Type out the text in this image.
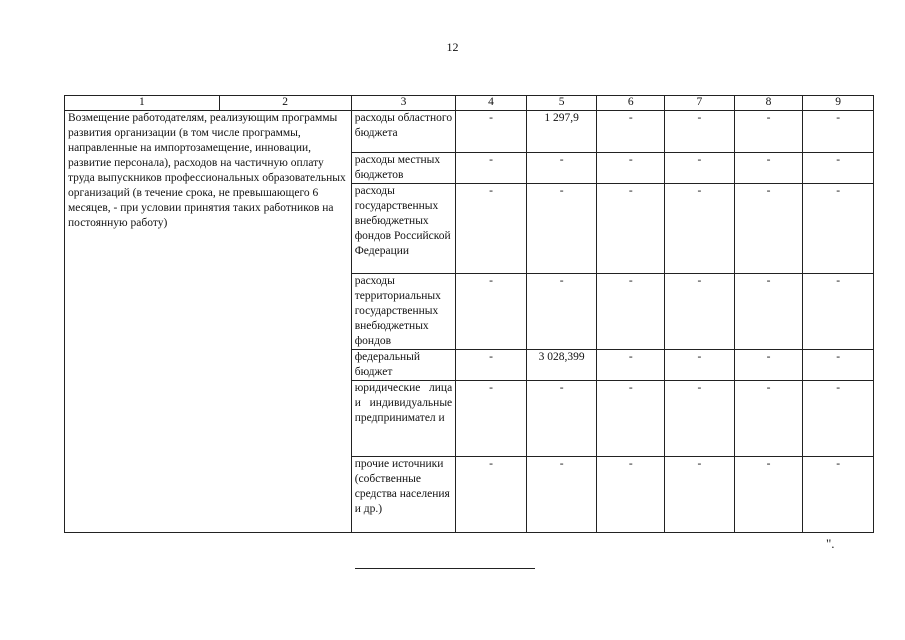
12
1	2	3	4	5	6	7	8	9
Возмещение работодателям, реализующим программы развития организации (в том числе программы, направленные на импортозамещение, инновации, развитие персонала), расходов на частичную оплату труда выпускников профессиональных образовательных организаций (в течение срока, не превышающего 6 месяцев, - при условии принятия таких работников на постоянную работу)		расходы областного бюджета	-	1 297,9	-	-	-	-
		расходы местных бюджетов	-	-	-	-	-	-
		расходы государственных внебюджетных фондов Российской Федерации	-	-	-	-	-	-
		расходы территориальных государственных внебюджетных фондов	-	-	-	-	-	-
		федеральный бюджет	-	3 028,399	-	-	-	-
		юридические лица и индивидуальные предпринимател и	-	-	-	-	-	-
		прочие источники (собственные средства населения и др.)	-	-	-	-	-	-
".
